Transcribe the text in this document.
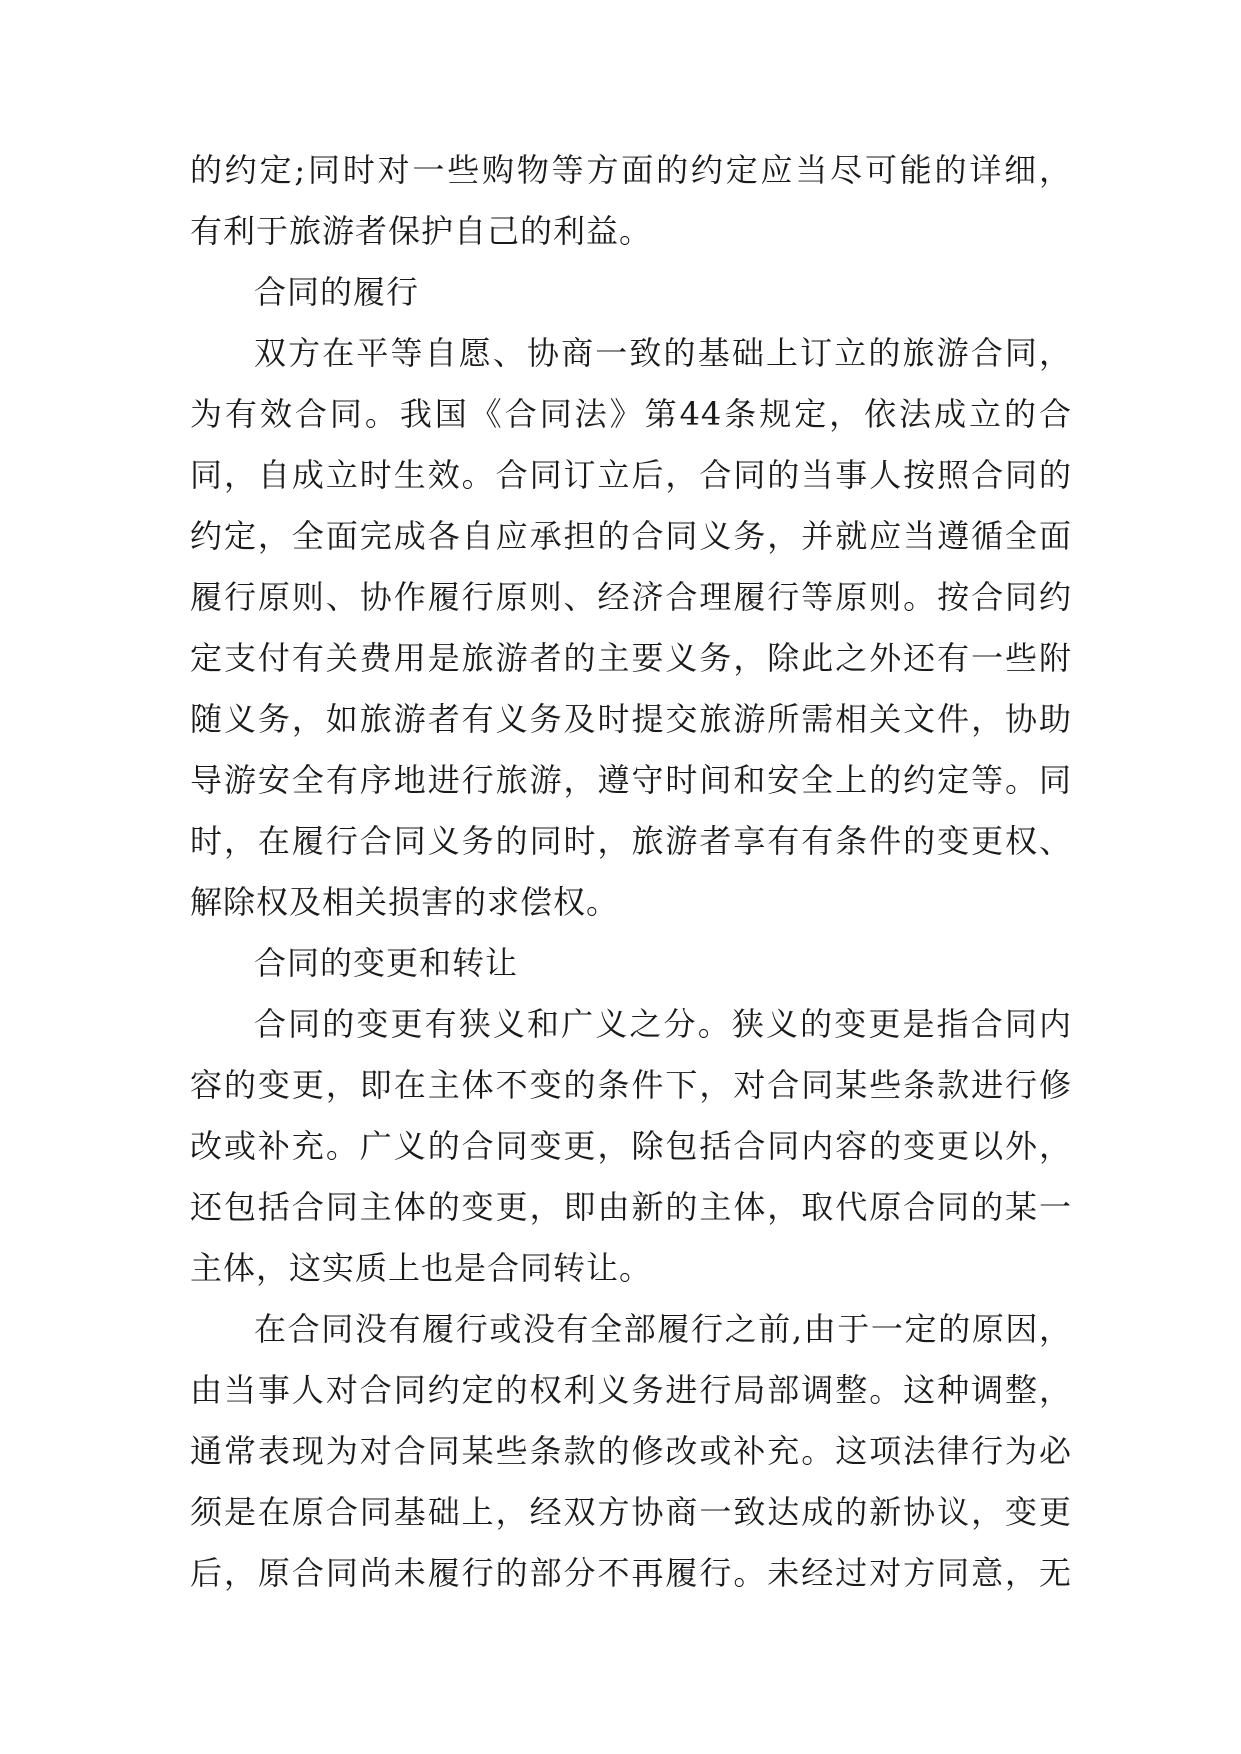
的约定;同时对一些购物等方面的约定应当尽可能的详细，
有利于旅游者保护自己的利益。
合同的履行
双方在平等自愿、协商一致的基础上订立的旅游合同，
为有效合同。我国《合同法》第44条规定，依法成立的合
同，自成立时生效。合同订立后，合同的当事人按照合同的
约定，全面完成各自应承担的合同义务，并就应当遵循全面
履行原则、协作履行原则、经济合理履行等原则。按合同约
定支付有关费用是旅游者的主要义务，除此之外还有一些附
随义务，如旅游者有义务及时提交旅游所需相关文件，协助
导游安全有序地进行旅游，遵守时间和安全上的约定等。同
时，在履行合同义务的同时，旅游者享有有条件的变更权、
解除权及相关损害的求偿权。
合同的变更和转让
合同的变更有狭义和广义之分。狭义的变更是指合同内
容的变更，即在主体不变的条件下，对合同某些条款进行修
改或补充。广义的合同变更，除包括合同内容的变更以外，
还包括合同主体的变更，即由新的主体，取代原合同的某一
主体，这实质上也是合同转让。
在合同没有履行或没有全部履行之前,由于一定的原因，
由当事人对合同约定的权利义务进行局部调整。这种调整，
通常表现为对合同某些条款的修改或补充。这项法律行为必
须是在原合同基础上，经双方协商一致达成的新协议，变更
后，原合同尚未履行的部分不再履行。未经过对方同意，无
